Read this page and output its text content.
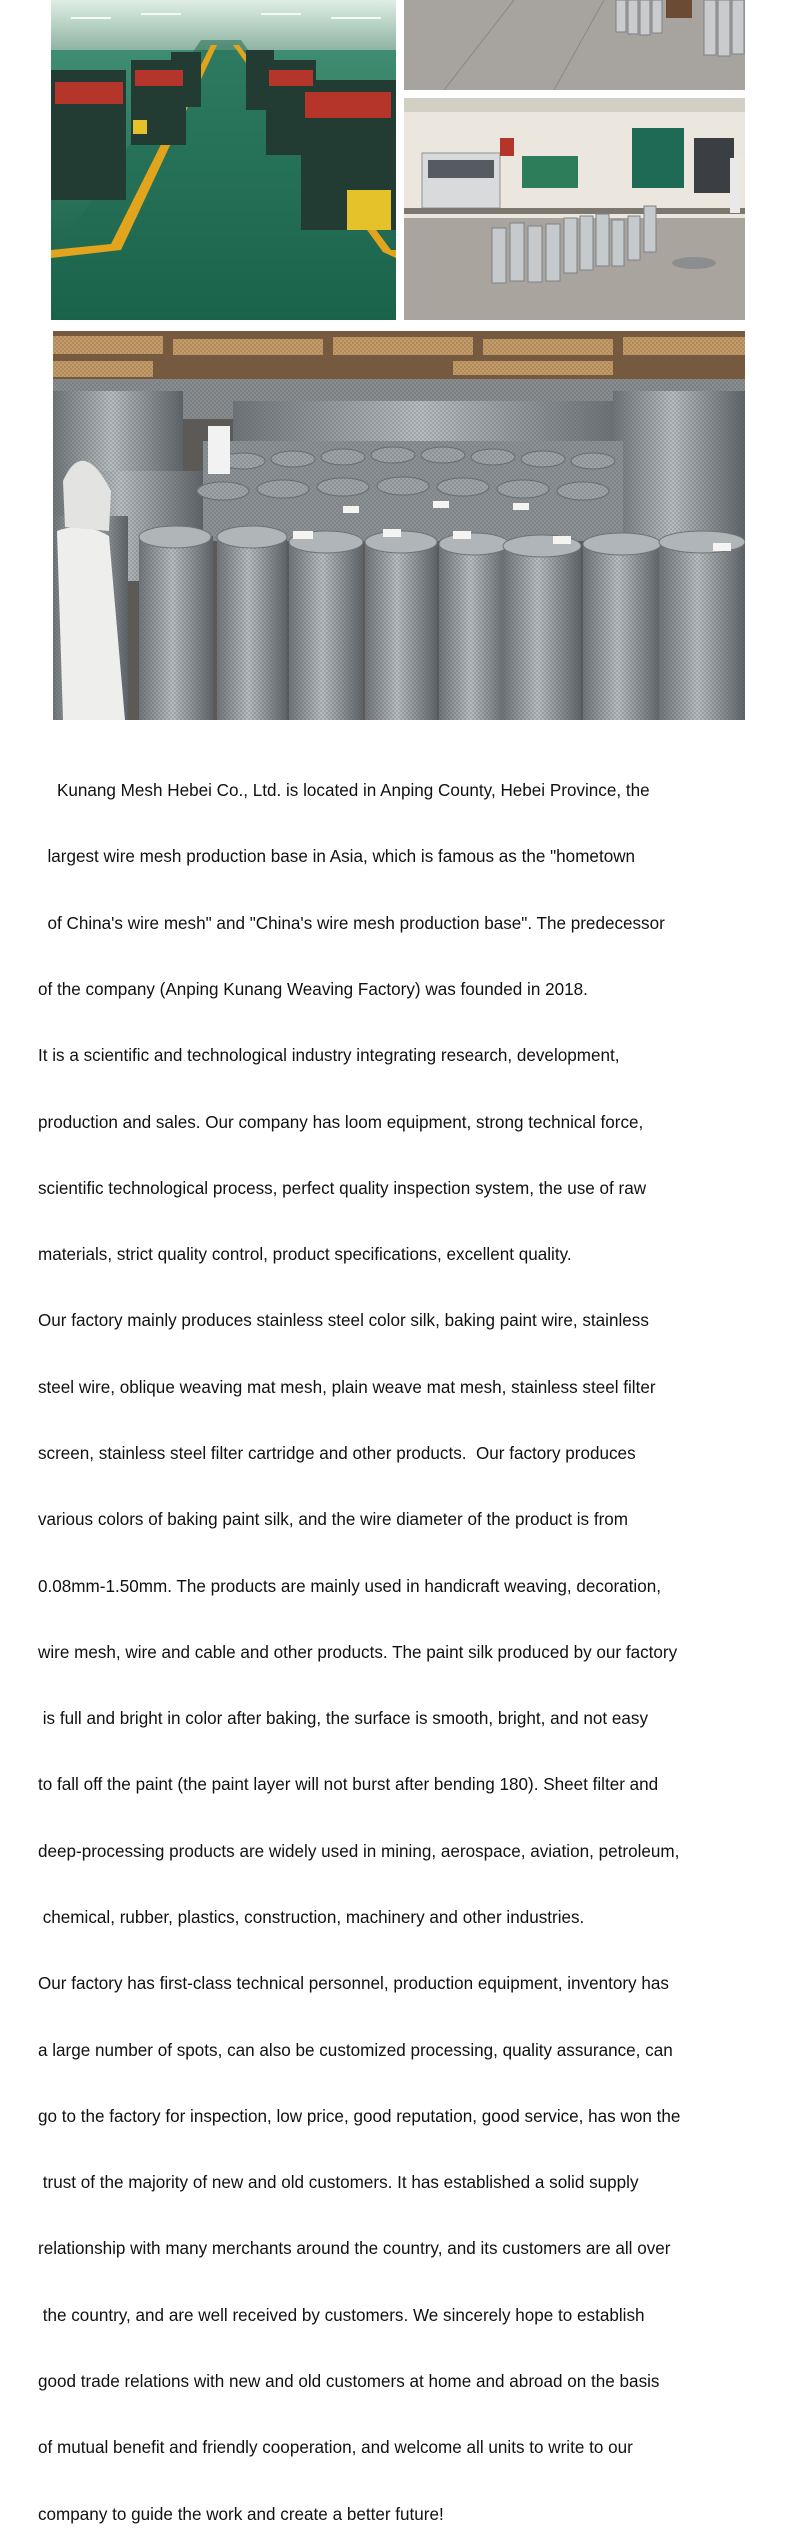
Kunang Mesh Hebei Co., Ltd. is located in Anping County, Hebei Province, the

largest wire mesh production base in Asia, which is famous as the "hometown

of China's wire mesh" and "China's wire mesh production base". The predecessor

of the company (Anping Kunang Weaving Factory) was founded in 2018.

It is a scientific and technological industry integrating research, development,

production and sales. Our company has loom equipment, strong technical force,

scientific technological process, perfect quality inspection system, the use of raw

materials, strict quality control, product specifications, excellent quality.

Our factory mainly produces stainless steel color silk, baking paint wire, stainless

steel wire, oblique weaving mat mesh, plain weave mat mesh, stainless steel filter

screen, stainless steel filter cartridge and other products.  Our factory produces

various colors of baking paint silk, and the wire diameter of the product is from

0.08mm-1.50mm. The products are mainly used in handicraft weaving, decoration,

wire mesh, wire and cable and other products. The paint silk produced by our factory

is full and bright in color after baking, the surface is smooth, bright, and not easy

to fall off the paint (the paint layer will not burst after bending 180). Sheet filter and

deep-processing products are widely used in mining, aerospace, aviation, petroleum,

chemical, rubber, plastics, construction, machinery and other industries.

Our factory has first-class technical personnel, production equipment, inventory has

a large number of spots, can also be customized processing, quality assurance, can

go to the factory for inspection, low price, good reputation, good service, has won the

trust of the majority of new and old customers. It has established a solid supply

relationship with many merchants around the country, and its customers are all over

the country, and are well received by customers. We sincerely hope to establish

good trade relations with new and old customers at home and abroad on the basis

of mutual benefit and friendly cooperation, and welcome all units to write to our

company to guide the work and create a better future!
